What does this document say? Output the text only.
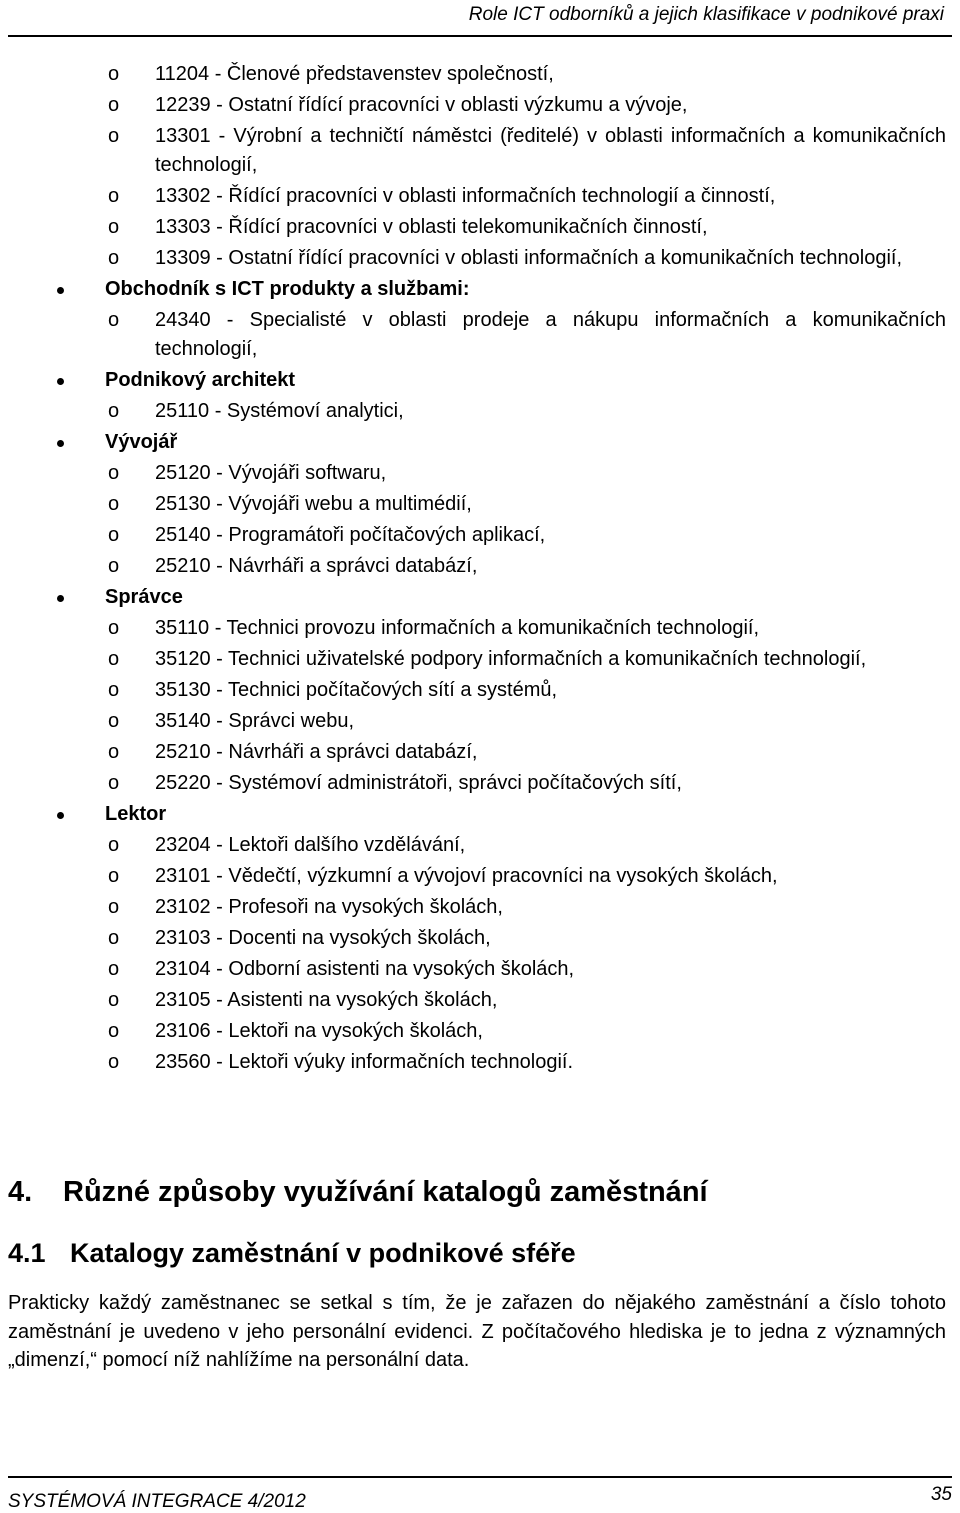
Role ICT odborníků a jejich klasifikace v podnikové praxi
o 11204 - Členové představenstev společností,
o 12239 - Ostatní řídící pracovníci v oblasti výzkumu a vývoje,
o 13301 - Výrobní a techničtí náměstci (ředitelé) v oblasti informačních a komunikačních technologií,
o 13302 - Řídící pracovníci v oblasti informačních technologií a činností,
o 13303 - Řídící pracovníci v oblasti telekomunikačních činností,
o 13309 - Ostatní řídící pracovníci v oblasti informačních a komunikačních technologií,
Obchodník s ICT produkty a službami:
o 24340 - Specialisté v oblasti prodeje a nákupu informačních a komunikačních technologií,
Podnikový architekt
o 25110 - Systémoví analytici,
Vývojář
o 25120 - Vývojáři softwaru,
o 25130 - Vývojáři webu a multimédií,
o 25140 - Programátoři počítačových aplikací,
o 25210 - Návrháři a správci databází,
Správce
o 35110 - Technici provozu informačních a komunikačních technologií,
o 35120 - Technici uživatelské podpory informačních a komunikačních technologií,
o 35130 - Technici počítačových sítí a systémů,
o 35140 - Správci webu,
o 25210 - Návrháři a správci databází,
o 25220 - Systémoví administrátoři, správci počítačových sítí,
Lektor
o 23204 - Lektoři dalšího vzdělávání,
o 23101 - Vědečtí, výzkumní a vývojoví pracovníci na vysokých školách,
o 23102 - Profesoři na vysokých školách,
o 23103 - Docenti na vysokých školách,
o 23104 - Odborní asistenti na vysokých školách,
o 23105 - Asistenti na vysokých školách,
o 23106 - Lektoři na vysokých školách,
o 23560 - Lektoři výuky informačních technologií.
4. Různé způsoby využívání katalogů zaměstnání
4.1 Katalogy zaměstnání v podnikové sféře
Prakticky každý zaměstnanec se setkal s tím, že je zařazen do nějakého zaměstnání a číslo tohoto zaměstnání je uvedeno v jeho personální evidenci. Z počítačového hlediska je to jedna z významných „dimenzí,“ pomocí níž nahlížíme na personální data.
SYSTÉMOVÁ INTEGRACE 4/2012	35
